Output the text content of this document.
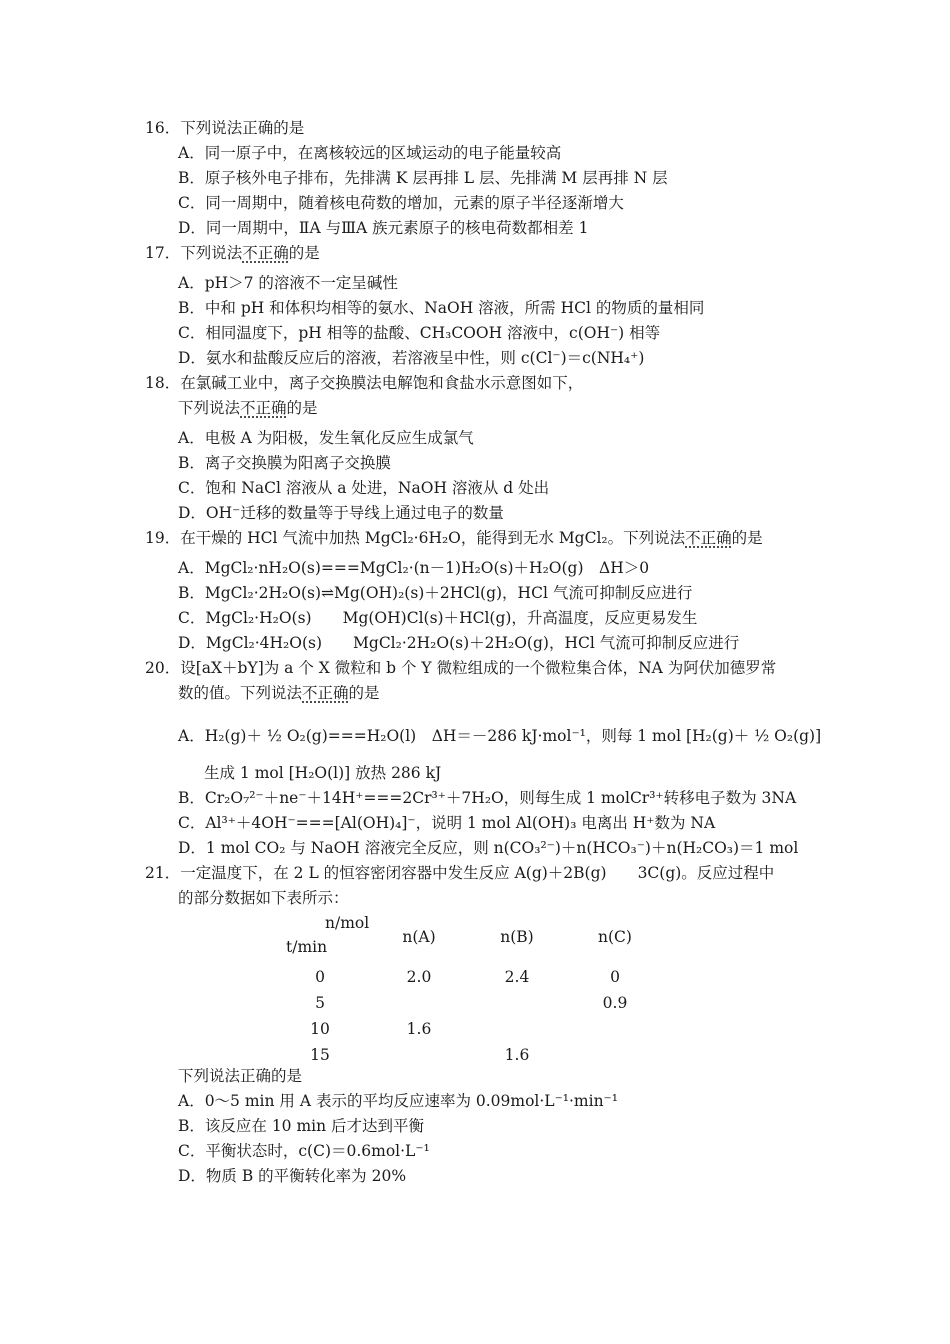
16．下列说法正确的是
A．同一原子中，在离核较远的区域运动的电子能量较高
B．原子核外电子排布，先排满 K 层再排 L 层、先排满 M 层再排 N 层
C．同一周期中，随着核电荷数的增加，元素的原子半径逐渐增大
D．同一周期中，ⅡA 与ⅢA 族元素原子的核电荷数都相差 1
17．下列说法不正确的是
A．pH＞7 的溶液不一定呈碱性
B．中和 pH 和体积均相等的氨水、NaOH 溶液，所需 HCl 的物质的量相同
C．相同温度下，pH 相等的盐酸、CH₃COOH 溶液中，c(OH⁻) 相等
D．氨水和盐酸反应后的溶液，若溶液呈中性，则 c(Cl⁻)＝c(NH₄⁺)
18．在氯碱工业中，离子交换膜法电解饱和食盐水示意图如下，
下列说法不正确的是
A．电极 A 为阳极，发生氧化反应生成氯气
B．离子交换膜为阳离子交换膜
C．饱和 NaCl 溶液从 a 处进，NaOH 溶液从 d 处出
D．OH⁻迁移的数量等于导线上通过电子的数量
19．在干燥的 HCl 气流中加热 MgCl₂·6H₂O，能得到无水 MgCl₂。下列说法不正确的是
A．MgCl₂·nH₂O(s)===MgCl₂·(n－1)H₂O(s)＋H₂O(g)　ΔH＞0
B．MgCl₂·2H₂O(s)⇌Mg(OH)₂(s)＋2HCl(g)，HCl 气流可抑制反应进行
C．MgCl₂·H₂O(s)　　Mg(OH)Cl(s)＋HCl(g)，升高温度，反应更易发生
D．MgCl₂·4H₂O(s)　　MgCl₂·2H₂O(s)＋2H₂O(g)，HCl 气流可抑制反应进行
20．设[aX＋bY]为 a 个 X 微粒和 b 个 Y 微粒组成的一个微粒集合体，NA 为阿伏加德罗常
数的值。下列说法不正确的是
A．H₂(g)＋ ½ O₂(g)===H₂O(l)　ΔH＝－286 kJ·mol⁻¹，则每 1 mol [H₂(g)＋ ½ O₂(g)]
生成 1 mol [H₂O(l)] 放热 286 kJ
B．Cr₂O₇²⁻＋ne⁻＋14H⁺===2Cr³⁺＋7H₂O，则每生成 1 molCr³⁺转移电子数为 3NA
C．Al³⁺＋4OH⁻===[Al(OH)₄]⁻，说明 1 mol Al(OH)₃ 电离出 H⁺数为 NA
D．1 mol CO₂ 与 NaOH 溶液完全反应，则 n(CO₃²⁻)＋n(HCO₃⁻)＋n(H₂CO₃)＝1 mol
21．一定温度下，在 2 L 的恒容密闭容器中发生反应 A(g)＋2B(g)　　3C(g)。反应过程中
的部分数据如下表所示：
n/mol
t/min	n(A)	n(B)	n(C)
0	2.0	2.4	0
5			0.9
10	1.6		
15		1.6	
下列说法正确的是
A．0～5 min 用 A 表示的平均反应速率为 0.09mol·L⁻¹·min⁻¹
B．该反应在 10 min 后才达到平衡
C．平衡状态时，c(C)＝0.6mol·L⁻¹
D．物质 B 的平衡转化率为 20%
